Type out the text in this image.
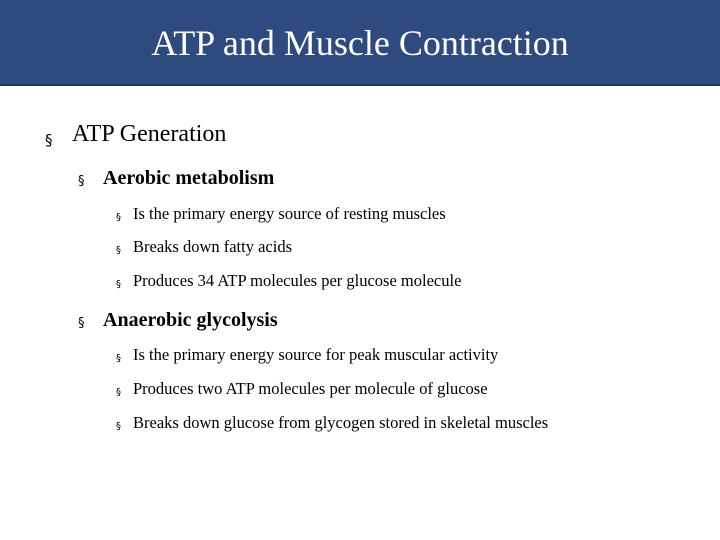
ATP and Muscle Contraction
§ ATP Generation
§ Aerobic metabolism
§ Is the primary energy source of resting muscles
§ Breaks down fatty acids
§ Produces 34 ATP molecules per glucose molecule
§ Anaerobic glycolysis
§ Is the primary energy source for peak muscular activity
§ Produces two ATP molecules per molecule of glucose
§ Breaks down glucose from glycogen stored in skeletal muscles
